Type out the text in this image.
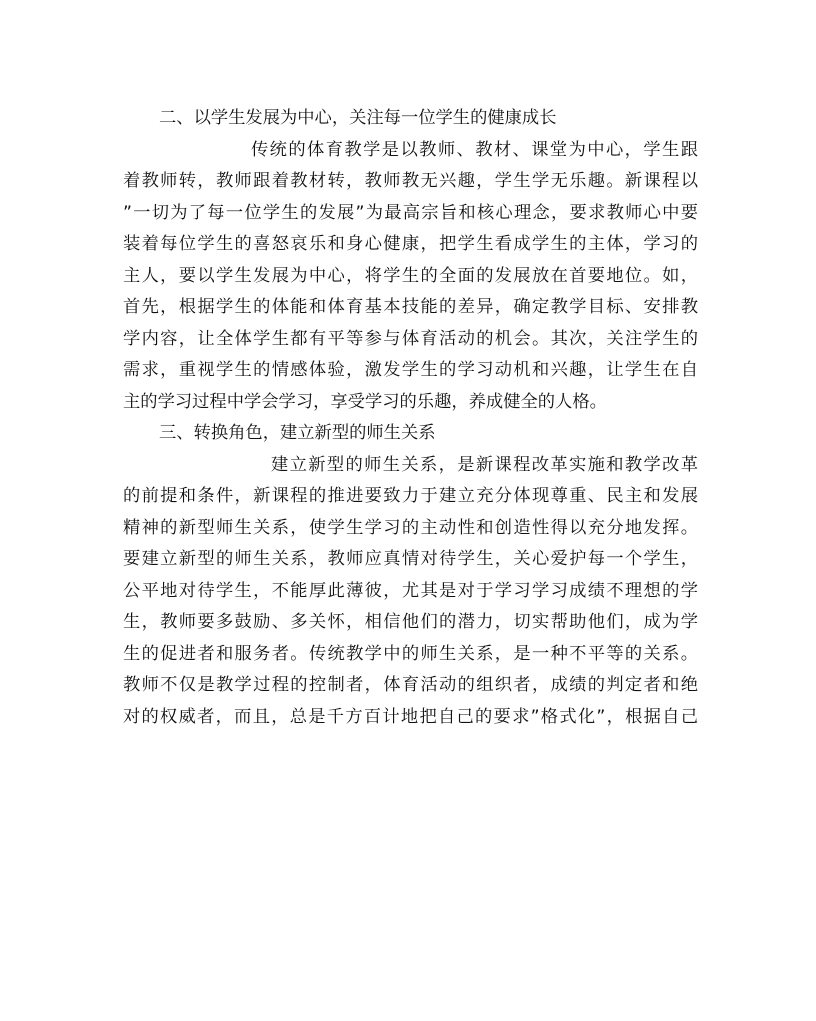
二、以学生发展为中心，关注每一位学生的健康成长
传统的体育教学是以教师、教材、课堂为中心，学生跟
着教师转，教师跟着教材转，教师教无兴趣，学生学无乐趣。新课程以
”一切为了每一位学生的发展”为最高宗旨和核心理念，要求教师心中要
装着每位学生的喜怒哀乐和身心健康，把学生看成学生的主体，学习的
主人，要以学生发展为中心，将学生的全面的发展放在首要地位。如，
首先，根据学生的体能和体育基本技能的差异，确定教学目标、安排教
学内容，让全体学生都有平等参与体育活动的机会。其次，关注学生的
需求，重视学生的情感体验，激发学生的学习动机和兴趣，让学生在自
主的学习过程中学会学习，享受学习的乐趣，养成健全的人格。
三、转换角色，建立新型的师生关系
建立新型的师生关系，是新课程改革实施和教学改革
的前提和条件，新课程的推进要致力于建立充分体现尊重、民主和发展
精神的新型师生关系，使学生学习的主动性和创造性得以充分地发挥。
要建立新型的师生关系，教师应真情对待学生，关心爱护每一个学生，
公平地对待学生，不能厚此薄彼，尤其是对于学习学习成绩不理想的学
生，教师要多鼓励、多关怀，相信他们的潜力，切实帮助他们，成为学
生的促进者和服务者。传统教学中的师生关系，是一种不平等的关系。
教师不仅是教学过程的控制者，体育活动的组织者，成绩的判定者和绝
对的权威者，而且，总是千方百计地把自己的要求”格式化”，根据自己
